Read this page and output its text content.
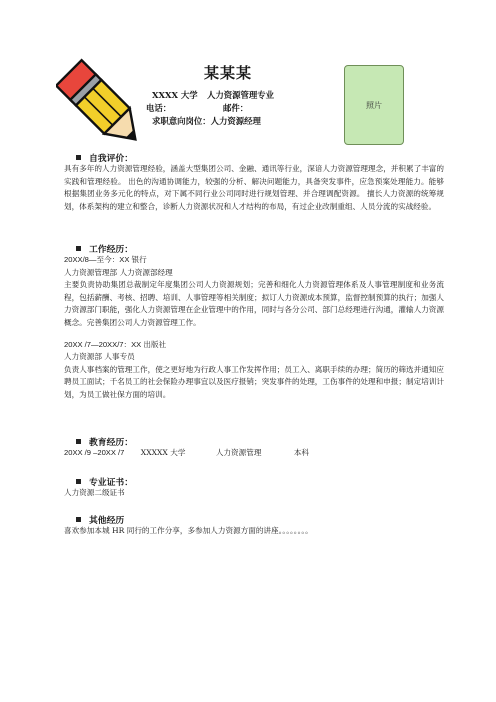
某某某
XXXX 大学 人力资源管理专业
电话：	邮件：
求职意向岗位：人力资源经理
照片
自我评价：
具有多年的人力资源管理经验，涵盖大型集团公司、金融、通讯等行业，深谙人力资源管理理念，并积累了丰富的实践和管理经验。 出色的沟通协调能力，较强的分析、解决问题能力，具备突发事件，应急预案处理能力。能够根据集团业务多元化的特点，对下属不同行业公司同时进行规划管理、并合理调配资源。 擅长人力资源的统筹规划，体系架构的建立和整合，诊断人力资源状况和人才结构的布局，有过企业改制重组、人员分流的实战经验。
工作经历：
20XX/8—至今：XX 银行
人力资源管理部 人力资源部经理
主要负责协助集团总裁制定年度集团公司人力资源规划；完善和细化人力资源管理体系及人事管理制度和业务流程，包括薪酬、考核、招聘、培训、人事管理等相关制度；拟订人力资源成本预算，监督控制预算的执行；加强人力资源部门职能，强化人力资源管理在企业管理中的作用，同时与各分公司、部门总经理进行沟通，灌输人力资源概念。完善集团公司人力资源管理工作。
20XX /7—20XX/7：XX 出版社
人力资源部 人事专员
负责人事档案的管理工作，使之更好地为行政人事工作发挥作用；员工入、离职手续的办理；简历的筛选并通知应聘员工面试；千名员工的社会保险办理事宜以及医疗报销；突发事件的处理，工伤事件的处理和申报；制定培训计划，为员工做社保方面的培训。
教育经历：
20XX /9 –20XX /7 XXXXX 大学	人力资源管理	本科
专业证书：
人力资源二级证书
其他经历
喜欢参加本城 HR 同行的工作分享，多参加人力资源方面的讲座。。。。。。。。
